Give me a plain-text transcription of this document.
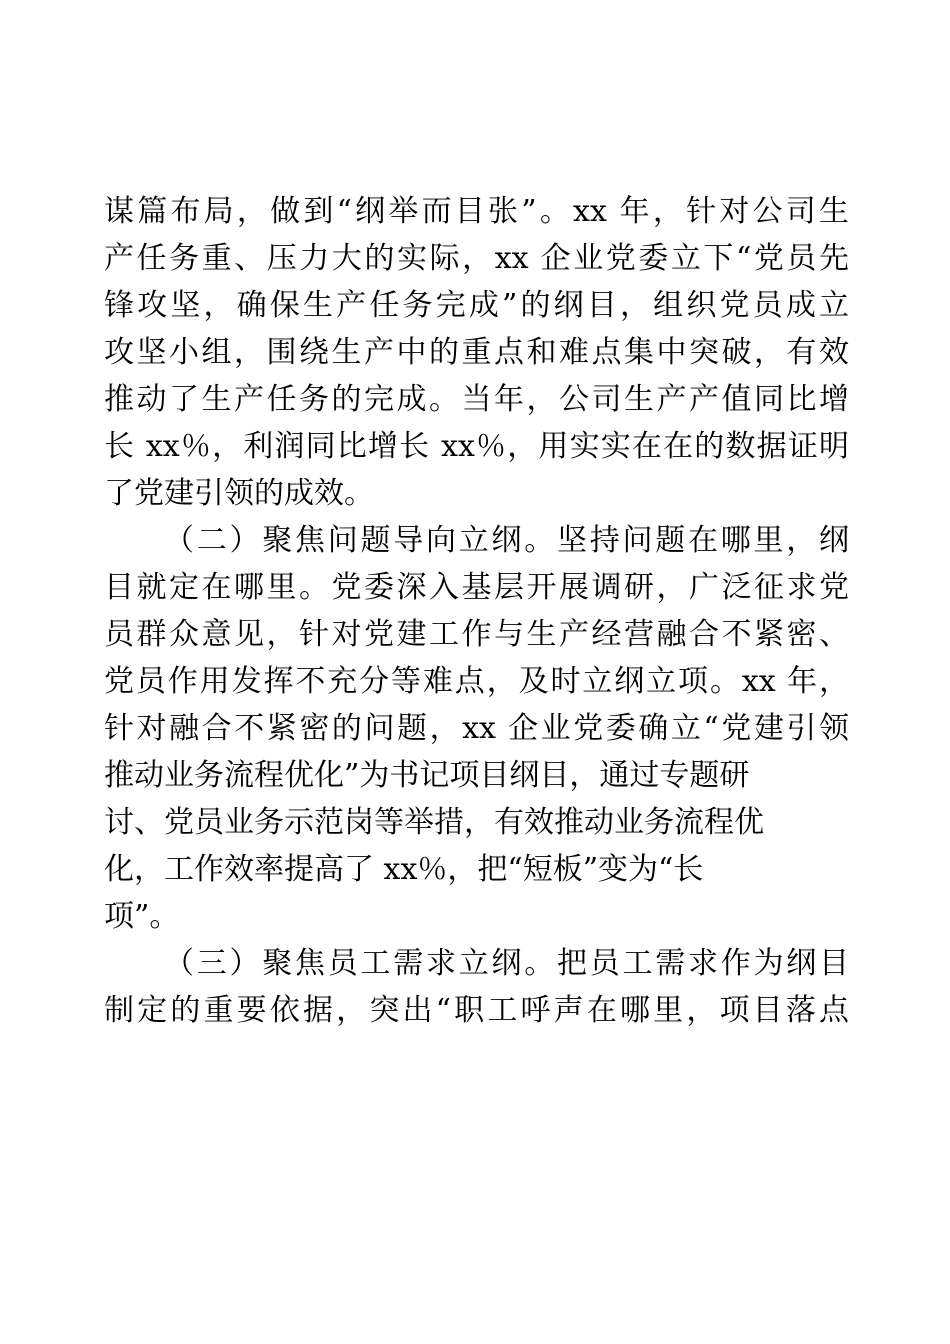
谋篇布局，做到“纲举而目张”。xx 年，针对公司生
产任务重、压力大的实际，xx 企业党委立下“党员先
锋攻坚，确保生产任务完成”的纲目，组织党员成立
攻坚小组，围绕生产中的重点和难点集中突破，有效
推动了生产任务的完成。当年，公司生产产值同比增
长 xx％，利润同比增长 xx％，用实实在在的数据证明
了党建引领的成效。
（二）聚焦问题导向立纲。坚持问题在哪里，纲
目就定在哪里。党委深入基层开展调研，广泛征求党
员群众意见，针对党建工作与生产经营融合不紧密、
党员作用发挥不充分等难点，及时立纲立项。xx 年，
针对融合不紧密的问题，xx 企业党委确立“党建引领
推动业务流程优化”为书记项目纲目，通过专题研
讨、党员业务示范岗等举措，有效推动业务流程优
化，工作效率提高了 xx％，把“短板”变为“长
项”。
（三）聚焦员工需求立纲。把员工需求作为纲目
制定的重要依据，突出“职工呼声在哪里，项目落点
